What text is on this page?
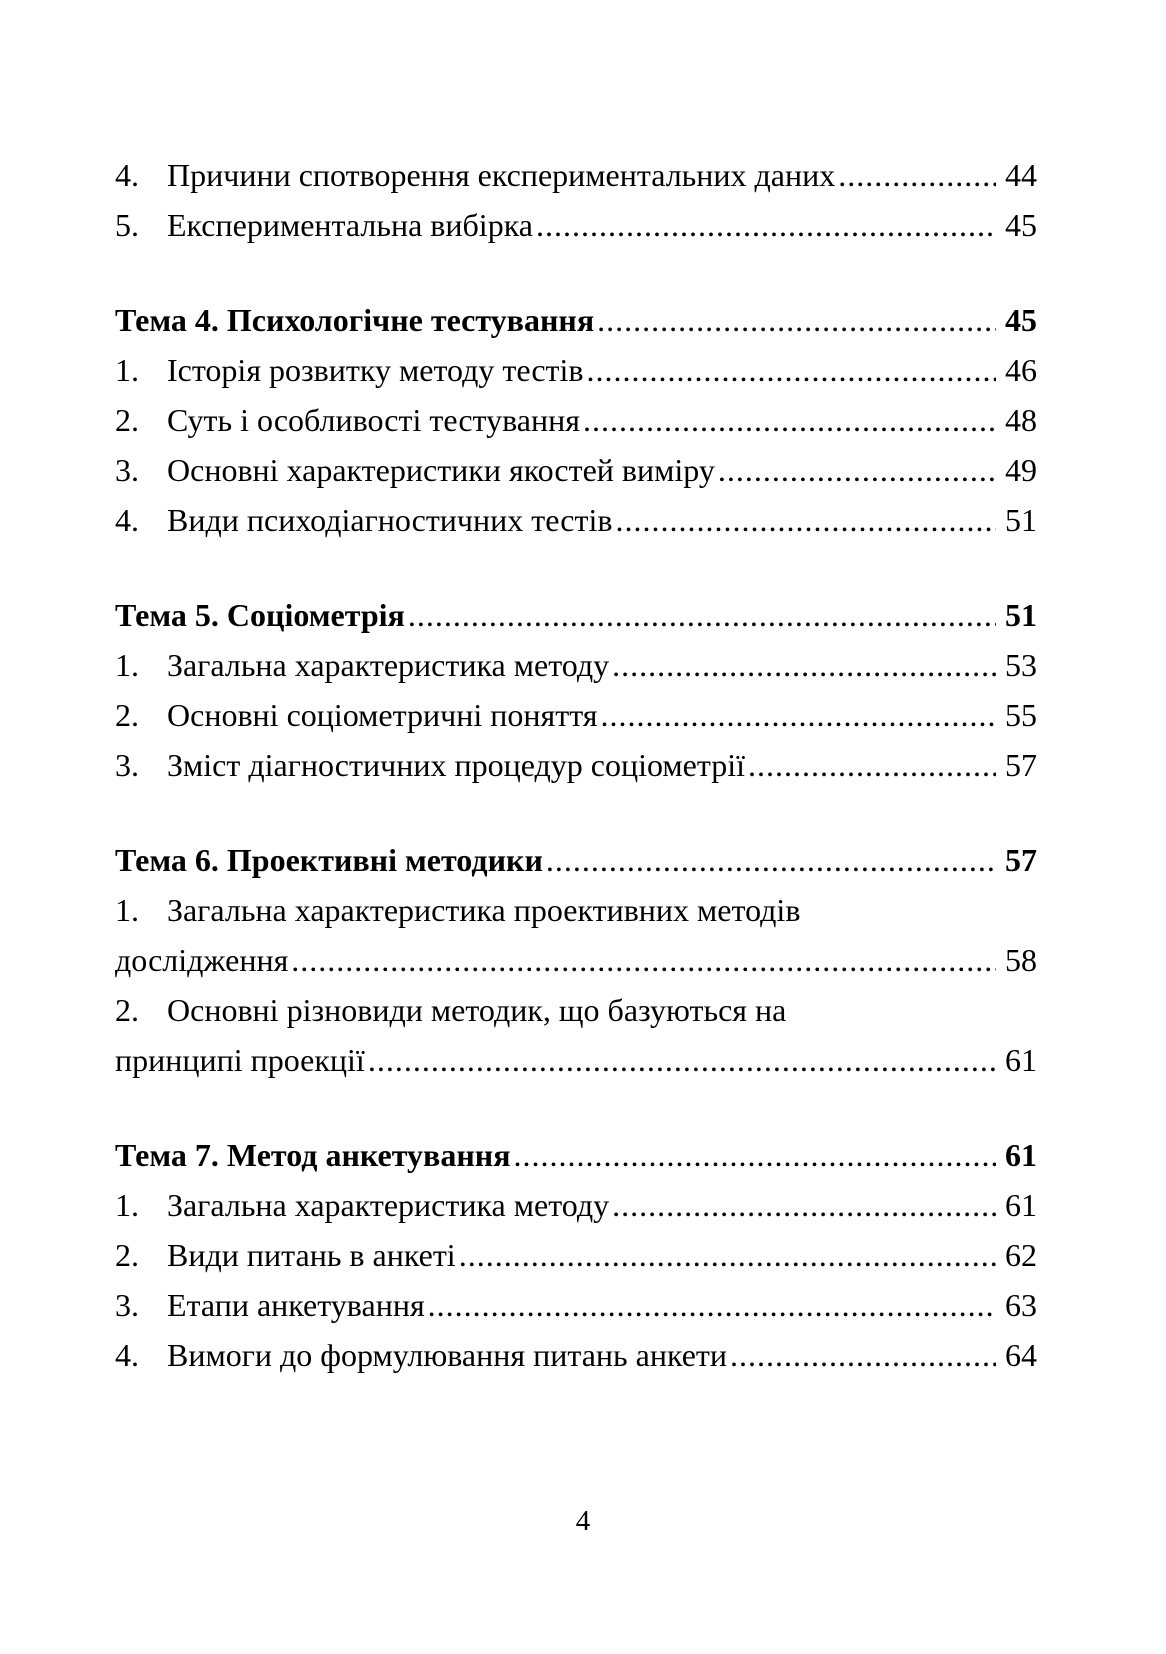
4. Причини спотворення експериментальних даних .....	44
5. Експериментальна вибірка .....	45
Тема 4. Психологічне тестування .....	45
1. Історія розвитку методу тестів .....	46
2. Суть і особливості тестування .....	48
3. Основні характеристики якостей виміру .....	49
4. Види психодіагностичних тестів .....	51
Тема 5. Соціометрія .....	51
1. Загальна характеристика методу .....	53
2. Основні соціометричні поняття .....	55
3. Зміст діагностичних процедур соціометрії .....	57
Тема 6. Проективні методики .....	57
1. Загальна характеристика проективних методів
дослідження .....	58
2. Основні різновиди методик, що базуються на
принципі проекції .....	61
Тема 7. Метод анкетування .....	61
1. Загальна характеристика методу .....	61
2. Види питань в анкеті .....	62
3. Етапи анкетування .....	63
4. Вимоги до формулювання питань анкети .....	64
4
